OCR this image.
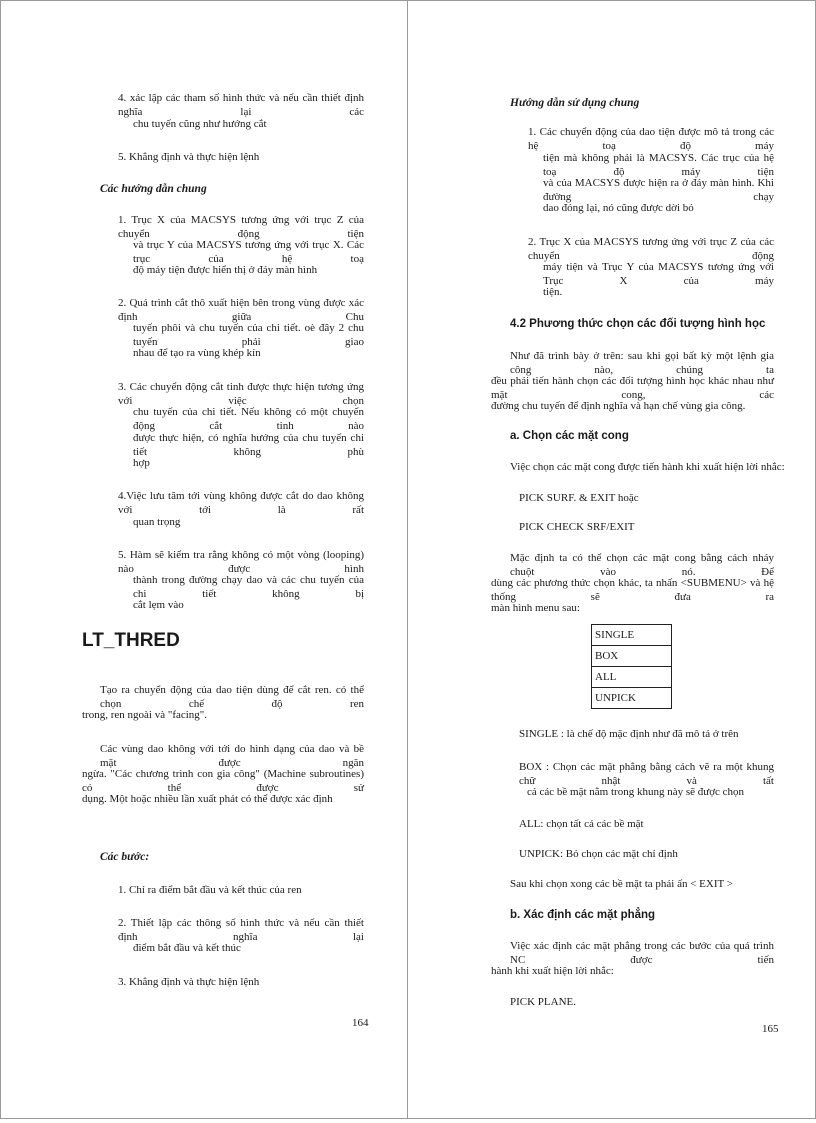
4. xác lập các tham số hình thức và nếu cần thiết định nghĩa lại các
chu tuyến cũng như hướng cắt
5. Khẳng định và thực hiện lệnh
Các hướng dẫn chung
1. Trục X của MACSYS tương ứng với trục Z của chuyển động tiện
và trục Y của MACSYS tương ứng với trục X. Các trục của hệ toạ
độ máy tiện được hiển thị ở đáy màn hình
2. Quá trình cắt thô xuất hiện bên trong vùng được xác định giữa Chu
tuyến phôi và chu tuyến của chi tiết. oè đây 2 chu tuyến phải giao
nhau để tạo ra vùng khép kín
3. Các chuyển động cắt tinh được thực hiện tương ứng với việc chọn
chu tuyến của chi tiết. Nếu không có một chuyển động cắt tinh nào
được thực hiện, có nghĩa hướng của chu tuyến chi tiết không phù
hợp
4.Việc lưu tâm tới vùng không được cắt do dao không với tới là rất
quan trọng
5. Hàm sẽ kiểm tra rằng không có một vòng (looping) nào được hình
thành trong đường chạy dao và các chu tuyến của chi tiết không bị
cắt lẹm vào
LT_THRED
Tạo ra chuyển động của dao tiện dùng để cắt ren. có thể chọn chế độ ren
trong, ren ngoài và "facing".
Các vùng dao không với tới do hình dạng của dao và bề mặt được ngăn
ngừa. "Các chương trình con gia công" (Machine subroutines) có thể được sử
dụng. Một hoặc nhiều lần xuất phát có thể được xác định
Các bước:
1. Chỉ ra điểm bắt đầu và kết thúc của ren
2. Thiết lập các thông số hình thức và nếu cần thiết định nghĩa lại
điểm bắt đầu và kết thúc
3. Khẳng định và thực hiện lệnh
164
Hướng dẫn sử dụng chung
1. Các chuyển động của dao tiện được mô tả trong các hệ toạ độ máy
tiện mà không phải là MACSYS. Các trục của hệ toạ độ máy tiện
và của MACSYS được hiện ra ở đáy màn hình. Khi đường chạy
dao đóng lại, nó cũng được dời bỏ
2. Trục X của MACSYS tương ứng với trục Z của các chuyển động
máy tiện và Trục Y của MACSYS tương ứng với Trục X của máy
tiện.
4.2 Phương thức chọn các đối tượng hình học
Như đã trình bày ở trên: sau khi gọi bất kỳ một lệnh gia công nào, chúng ta
đều phải tiến hành chọn các đối tượng hình học khác nhau như mặt cong, các
đường chu tuyến để định nghĩa và hạn chế vùng gia công.
a. Chọn các mặt cong
Việc chọn các mặt cong được tiến hành khi xuất hiện lời nhắc:
PICK SURF. & EXIT hoặc
PICK CHECK SRF/EXIT
Mặc định ta có thể chọn các mặt cong bằng cách nháy chuột vào nó. Để
dùng các phương thức chọn khác, ta nhấn <SUBMENU> và hệ thống sẽ đưa ra
màn hình menu sau:
SINGLE
BOX
ALL
UNPICK
SINGLE : là chế độ mặc định như đã mô tả ở trên
BOX : Chọn các mặt phẳng bằng cách vẽ ra một khung chữ nhật và tất
cả các bề mặt nằm trong khung này sẽ được chọn
ALL: chọn tất cả các bề mặt
UNPICK: Bỏ chọn các mặt chỉ định
Sau khi chọn xong các bề mặt ta phải ấn < EXIT >
b. Xác định các mặt phẳng
Việc xác định các mặt phẳng trong các bước của quá trình NC được tiến
hành khi xuất hiện lời nhắc:
PICK PLANE.
165
